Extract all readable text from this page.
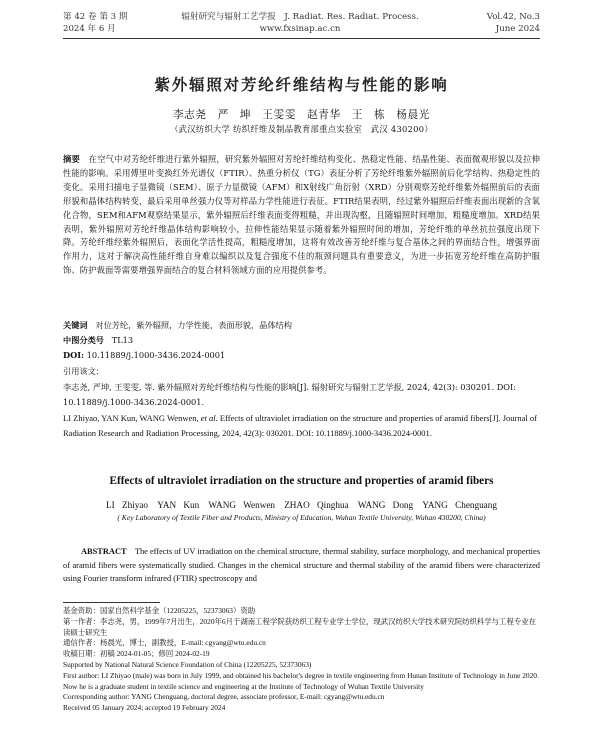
第 42 卷 第 3 期
2024 年 6 月
辐射研究与辐射工艺学报　J. Radiat. Res. Radiat. Process.
www.fxsinap.ac.cn
Vol.42, No.3
June 2024
紫外辐照对芳纶纤维结构与性能的影响
李志尧　严 坤　王雯雯　赵青华　王 栋　杨晨光
（武汉纺织大学 纺织纤维及制品教育部重点实验室　武汉 430200）
摘要 在空气中对芳纶纤维进行紫外辐照，研究紫外辐照对芳纶纤维结构变化、热稳定性能、结晶性能、表面微观形貌以及拉伸性能的影响。采用傅里叶变换红外光谱仪（FTIR）、热重分析仪（TG）表征分析了芳纶纤维紫外辐照前后化学结构、热稳定性的变化。采用扫描电子显微镜（SEM）、原子力显微镜（AFM）和X射线广角衍射（XRD）分别观察芳纶纤维紫外辐照前后的表面形貌和晶体结构转变，最后采用单丝强力仪等对样品力学性能进行表征。FTIR结果表明，经过紫外辐照后纤维表面出现新的含氧化合物，SEM和AFM观察结果显示，紫外辐照后纤维表面变得粗糙，并出现沟壑，且随辐照时间增加，粗糙度增加。XRD结果表明，紫外辐照对芳纶纤维晶体结构影响较小，拉伸性能结果显示随着紫外辐照时间的增加，芳纶纤维的单丝抗拉强度出现下降。芳纶纤维经紫外辐照后，表面化学活性提高，粗糙度增加，这将有效改善芳纶纤维与复合基体之间的界面结合性，增强界面作用力，这对于解决高性能纤维自身难以编织以及复合强度不佳的瓶颈问题具有重要意义，为进一步拓宽芳纶纤维在高防护服饰、防护裁面等需要增强界面结合的复合材料领域方面的应用提供参考。
关键词 对位芳纶，紫外辐照，力学性能，表面形貌，晶体结构
中图分类号 TL13
DOI: 10.11889/j.1000-3436.2024-0001
引用该文：
李志尧, 严坤, 王雯雯, 等. 紫外辐照对芳纶纤维结构与性能的影响[J]. 辐射研究与辐射工艺学报, 2024, 42(3): 030201. DOI: 10.11889/j.1000-3436.2024-0001.
LI Zhiyao, YAN Kun, WANG Wenwen, et al. Effects of ultraviolet irradiation on the structure and properties of aramid fibers[J]. Journal of Radiation Research and Radiation Processing, 2024, 42(3): 030201. DOI: 10.11889/j.1000-3436.2024-0001.
Effects of ultraviolet irradiation on the structure and properties of aramid fibers
LI Zhiyao　YAN Kun　WANG Wenwen　ZHAO Qinghua　WANG Dong　YANG Chenguang
( Key Laboratory of Textile Fiber and Products, Ministry of Education, Wuhan Textile University, Wuhan 430200, China)
ABSTRACT The effects of UV irradiation on the chemical structure, thermal stability, surface morphology, and mechanical properties of aramid fibers were systematically studied. Changes in the chemical structure and thermal stability of the aramid fibers were characterized using Fourier transform infrared (FTIR) spectroscopy and
基金资助：国家自然科学基金（12205225，52373063）资助
第一作者：李志尧，男，1999年7月出生，2020年6月于湖南工程学院获纺织工程专业学士学位，现武汉纺织大学技术研究院纺织科学与工程专业在读硕士研究生
通信作者：杨晨光，博士，副教授，E-mail: cgyang@wtu.edu.cn
收稿日期：初稿 2024-01-05；修回 2024-02-19
Supported by National Natural Science Foundation of China (12205225, 52373063)
First author: LI Zhiyao (male) was born in July 1999, and obtained his bachelor's degree in textile engineering from Hunan Institute of Technology in June 2020. Now he is a graduate student in textile science and engineering at the Institute of Technology of Wuhan Textile University
Corresponding author: YANG Chenguang, doctoral degree, associate professor, E-mail: cgyang@wtu.edu.cn
Received 05 January 2024; accepted 19 February 2024
